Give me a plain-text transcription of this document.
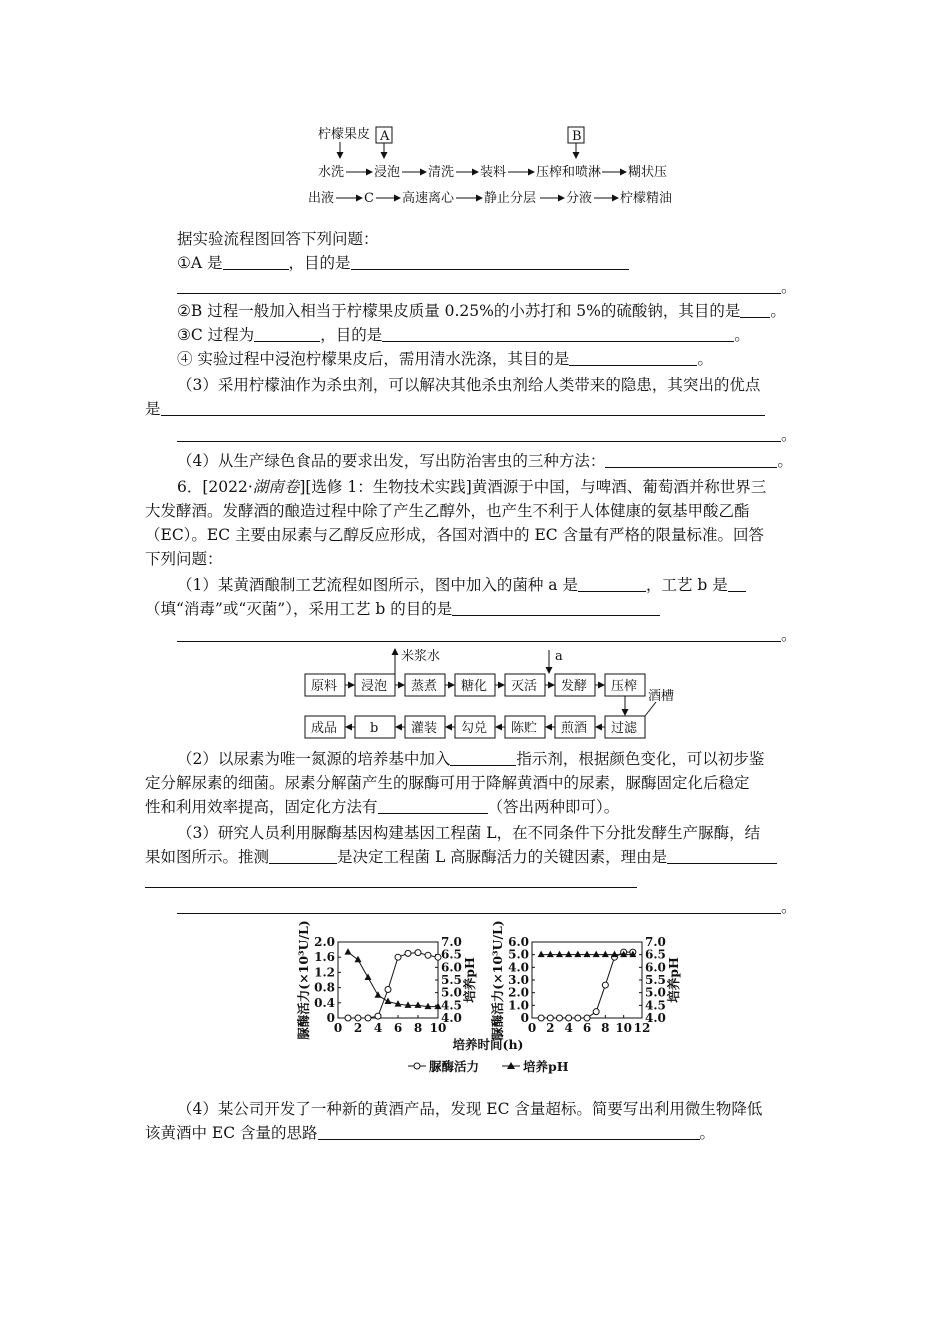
柠檬果皮 A	B
水洗 浸泡 清洗 装料 压榨和喷淋 糊状压
出液 C 高速离心 静止分层 分液 柠檬精油
据实验流程图回答下列问题：
①A 是	，目的是
。
②B 过程一般加入相当于柠檬果皮质量 0.25%的小苏打和 5%的硫酸钠，其目的是 。
③C 过程为	，目的是	。
④ 实验过程中浸泡柠檬果皮后，需用清水洗涤，其目的是	。
（3）采用柠檬油作为杀虫剂，可以解决其他杀虫剂给人类带来的隐患，其突出的优点
是
。
（4）从生产绿色食品的要求出发，写出防治害虫的三种方法：	。
6．[2022·湖南卷][选修 1：生物技术实践]黄酒源于中国，与啤酒、葡萄酒并称世界三
大发酵酒。发酵酒的酿造过程中除了产生乙醇外，也产生不利于人体健康的氨基甲酸乙酯
（EC）。EC 主要由尿素与乙醇反应形成，各国对酒中的 EC 含量有严格的限量标准。回答
下列问题：
（1）某黄酒酿制工艺流程如图所示，图中加入的菌种 a 是	，工艺 b 是
（填“消毒”或“灭菌”），采用工艺 b 的目的是
。
原料 浸泡 蒸煮 糖化 灭活 发酵 压榨
成品	b	灌装 勾兑 陈贮 煎酒 过滤
米浆水	a
酒槽
（2）以尿素为唯一氮源的培养基中加入	指示剂，根据颜色变化，可以初步鉴
定分解尿素的细菌。尿素分解菌产生的脲酶可用于降解黄酒中的尿素，脲酶固定化后稳定
性和利用效率提高，固定化方法有	（答出两种即可）。
（3）研究人员利用脲酶基因构建基因工程菌 L，在不同条件下分批发酵生产脲酶，结
果如图所示。推测	是决定工程菌 L 高脲酶活力的关键因素，理由是
。
0
0.4
0.8
1.2
1.6
2.0
4.0
4.5
5.0
5.5
6.0
6.5
7.0
0 2 4 6 8 10
脲酶活力(×10³U/L)	培养pH
0
1.0
2.0
3.0
4.0
5.0
6.0
4.0
4.5
5.0
5.5
6.0
6.5
7.0
0 2 4 6 8 10 12
脲酶活力(×10³U/L)	培养pH
培养时间(h)
脲酶活力	培养pH
（4）某公司开发了一种新的黄酒产品，发现 EC 含量超标。简要写出利用微生物降低
该黄酒中 EC 含量的思路	。
